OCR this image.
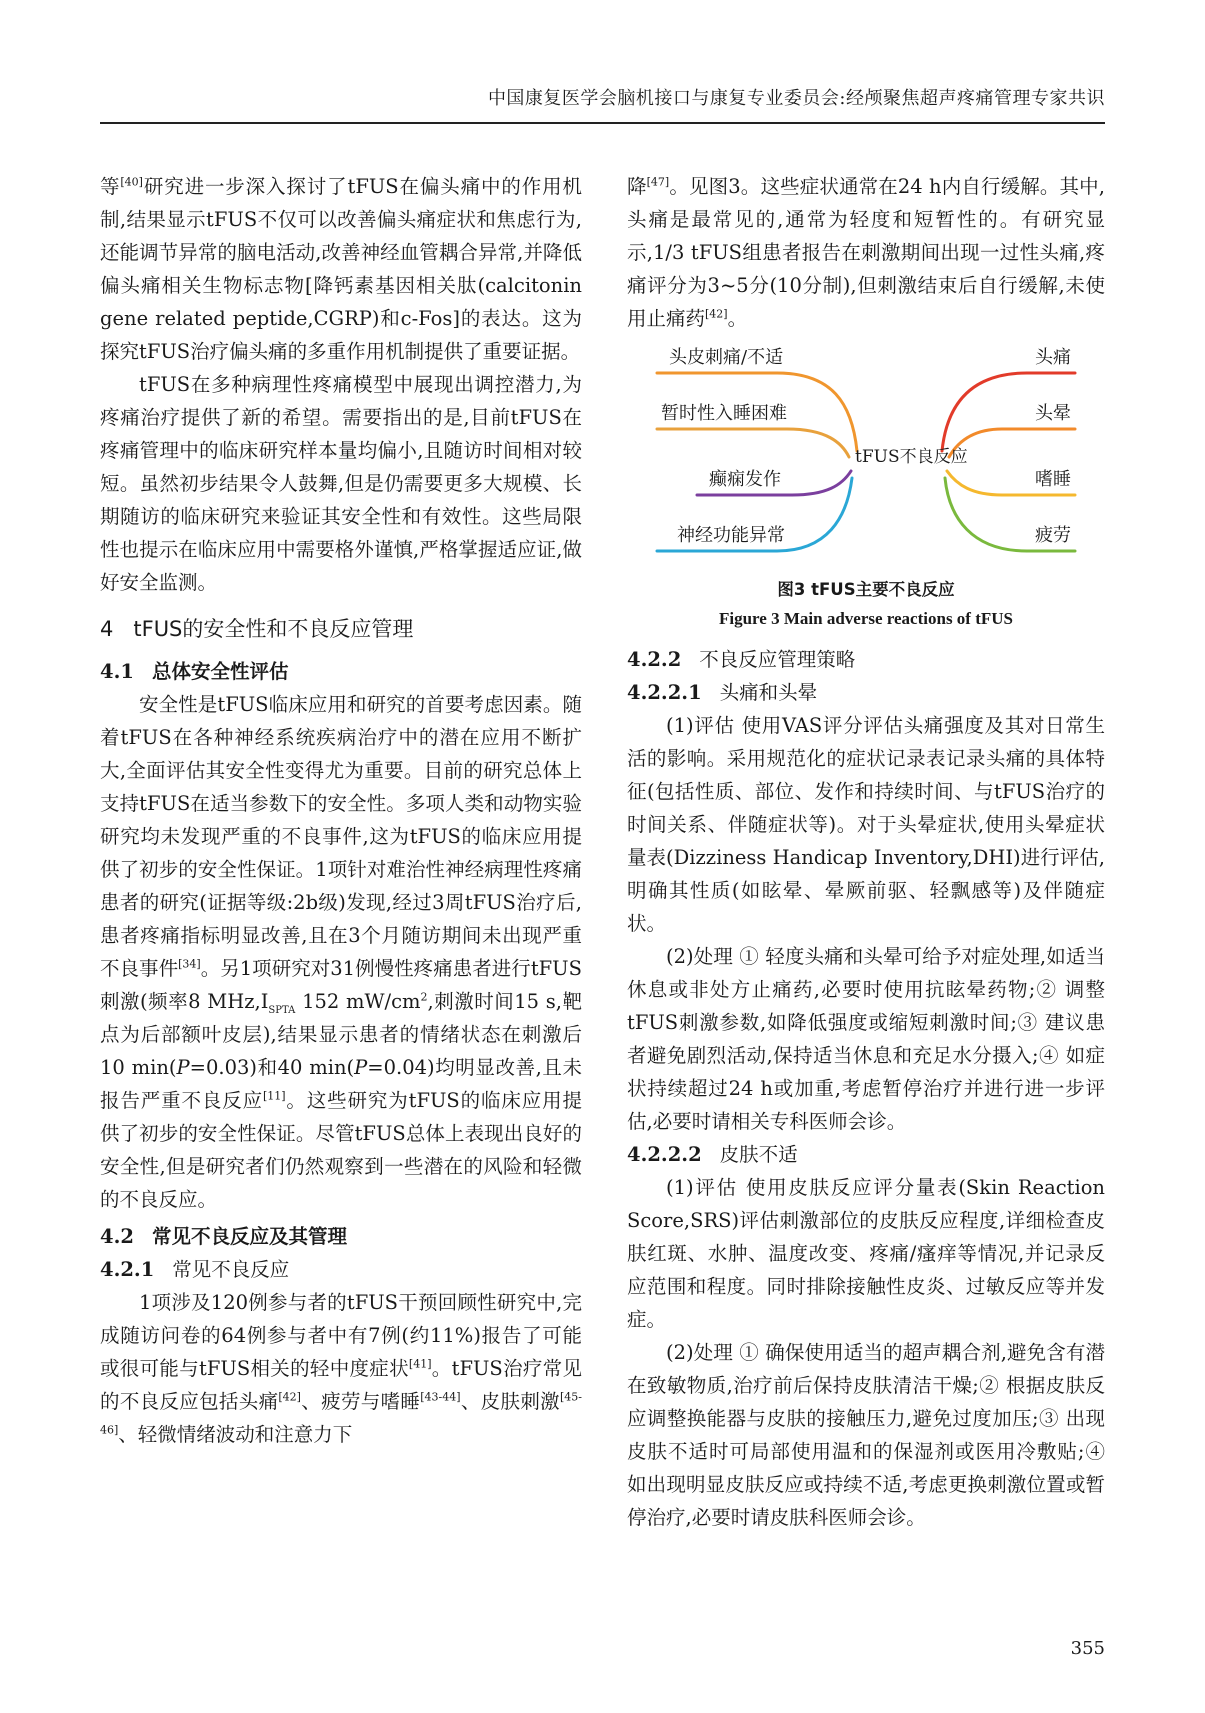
中国康复医学会脑机接口与康复专业委员会:经颅聚焦超声疼痛管理专家共识

等[40]研究进一步深入探讨了tFUS在偏头痛中的作用机制,结果显示tFUS不仅可以改善偏头痛症状和焦虑行为,还能调节异常的脑电活动,改善神经血管耦合异常,并降低偏头痛相关生物标志物[降钙素基因相关肽(calcitonin gene related peptide,CGRP)和c-Fos]的表达。这为探究tFUS治疗偏头痛的多重作用机制提供了重要证据。

tFUS在多种病理性疼痛模型中展现出调控潜力,为疼痛治疗提供了新的希望。需要指出的是,目前tFUS在疼痛管理中的临床研究样本量均偏小,且随访时间相对较短。虽然初步结果令人鼓舞,但是仍需要更多大规模、长期随访的临床研究来验证其安全性和有效性。这些局限性也提示在临床应用中需要格外谨慎,严格掌握适应证,做好安全监测。

4 tFUS的安全性和不良反应管理

4.1 总体安全性评估

安全性是tFUS临床应用和研究的首要考虑因素。随着tFUS在各种神经系统疾病治疗中的潜在应用不断扩大,全面评估其安全性变得尤为重要。目前的研究总体上支持tFUS在适当参数下的安全性。多项人类和动物实验研究均未发现严重的不良事件,这为tFUS的临床应用提供了初步的安全性保证。1项针对难治性神经病理性疼痛患者的研究(证据等级:2b级)发现,经过3周tFUS治疗后,患者疼痛指标明显改善,且在3个月随访期间未出现严重不良事件[34]。另1项研究对31例慢性疼痛患者进行tFUS刺激(频率8 $MHz,I_{SPTA}$ 152 $mW/cm^2$,刺激时间15 s,靶点为后部额叶皮层),结果显示患者的情绪状态在刺激后10 min(P=0.03)和40 min(P=0.04)均明显改善,且未报告严重不良反应[11]。这些研究为tFUS的临床应用提供了初步的安全性保证。尽管tFUS总体上表现出良好的安全性,但是研究者们仍然观察到一些潜在的风险和轻微的不良反应。

4.2 常见不良反应及其管理

4.2.1 常见不良反应

1项涉及120例参与者的tFUS干预回顾性研究中,完成随访问卷的64例参与者中有7例(约11%)报告了可能或很可能与tFUS相关的轻中度症状[41]。tFUS治疗常见的不良反应包括头痛[42]、疲劳与嗜睡[43-44]、皮肤刺激[45-46]、轻微情绪波动和注意力下

降[47]。见图3。这些症状通常在24 h内自行缓解。其中,头痛是最常见的,通常为轻度和短暂性的。有研究显示,1/3 tFUS组患者报告在刺激期间出现一过性头痛,疼痛评分为3~5分(10分制),但刺激结束后自行缓解,未使用止痛药[42]。

头皮刺痛/不适
暂时性入睡困难
癫痫发作
神经功能异常
头痛
头晕
嗜睡
疲劳
tFUS不良反应

图3 tFUS主要不良反应

Figure 3 Main adverse reactions of tFUS

4.2.2 不良反应管理策略

4.2.2.1 头痛和头晕

(1)评估 使用VAS评分评估头痛强度及其对日常生活的影响。采用规范化的症状记录表记录头痛的具体特征(包括性质、部位、发作和持续时间、与tFUS治疗的时间关系、伴随症状等)。对于头晕症状,使用头晕症状量表(Dizziness Handicap Inventory,DHI)进行评估,明确其性质(如眩晕、晕厥前驱、轻飘感等)及伴随症状。

(2)处理 ① 轻度头痛和头晕可给予对症处理,如适当休息或非处方止痛药,必要时使用抗眩晕药物;② 调整tFUS刺激参数,如降低强度或缩短刺激时间;③ 建议患者避免剧烈活动,保持适当休息和充足水分摄入;④ 如症状持续超过24 h或加重,考虑暂停治疗并进行进一步评估,必要时请相关专科医师会诊。

4.2.2.2 皮肤不适

(1)评估 使用皮肤反应评分量表(Skin Reaction Score,SRS)评估刺激部位的皮肤反应程度,详细检查皮肤红斑、水肿、温度改变、疼痛/瘙痒等情况,并记录反应范围和程度。同时排除接触性皮炎、过敏反应等并发症。

(2)处理 ① 确保使用适当的超声耦合剂,避免含有潜在致敏物质,治疗前后保持皮肤清洁干燥;② 根据皮肤反应调整换能器与皮肤的接触压力,避免过度加压;③ 出现皮肤不适时可局部使用温和的保湿剂或医用冷敷贴;④ 如出现明显皮肤反应或持续不适,考虑更换刺激位置或暂停治疗,必要时请皮肤科医师会诊。

355
